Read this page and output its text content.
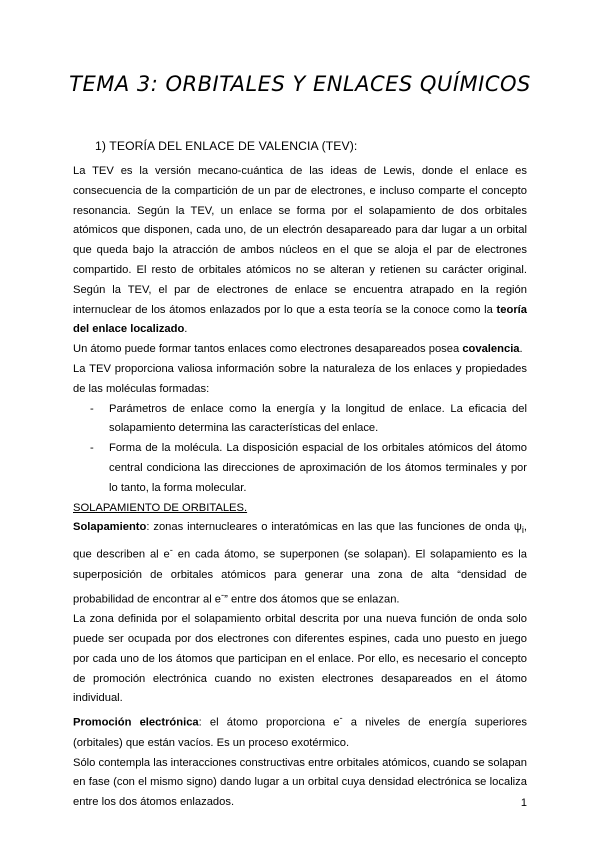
TEMA 3: ORBITALES Y ENLACES QUÍMICOS
1) TEORÍA DEL ENLACE DE VALENCIA (TEV):

La TEV es la versión mecano-cuántica de las ideas de Lewis, donde el enlace es consecuencia de la compartición de un par de electrones, e incluso comparte el concepto resonancia. Según la TEV, un enlace se forma por el solapamiento de dos orbitales atómicos que disponen, cada uno, de un electrón desapareado para dar lugar a un orbital que queda bajo la atracción de ambos núcleos en el que se aloja el par de electrones compartido. El resto de orbitales atómicos no se alteran y retienen su carácter original. Según la TEV, el par de electrones de enlace se encuentra atrapado en la región internuclear de los átomos enlazados por lo que a esta teoría se la conoce como la teoría del enlace localizado.

Un átomo puede formar tantos enlaces como electrones desapareados posea covalencia.

La TEV proporciona valiosa información sobre la naturaleza de los enlaces y propiedades de las moléculas formadas:

- Parámetros de enlace como la energía y la longitud de enlace. La eficacia del solapamiento determina las características del enlace.
- Forma de la molécula. La disposición espacial de los orbitales atómicos del átomo central condiciona las direcciones de aproximación de los átomos terminales y por lo tanto, la forma molecular.

SOLAPAMIENTO DE ORBITALES.

Solapamiento: zonas internucleares o interatómicas en las que las funciones de onda $\psi_i$, que describen al e- en cada átomo, se superponen (se solapan). El solapamiento es la superposición de orbitales atómicos para generar una zona de alta “densidad de probabilidad de encontrar al e-” entre dos átomos que se enlazan.

La zona definida por el solapamiento orbital descrita por una nueva función de onda solo puede ser ocupada por dos electrones con diferentes espines, cada uno puesto en juego por cada uno de los átomos que participan en el enlace. Por ello, es necesario el concepto de promoción electrónica cuando no existen electrones desapareados en el átomo individual.

Promoción electrónica: el átomo proporciona e- a niveles de energía superiores (orbitales) que están vacíos. Es un proceso exotérmico.

Sólo contempla las interacciones constructivas entre orbitales atómicos, cuando se solapan en fase (con el mismo signo) dando lugar a un orbital cuya densidad electrónica se localiza entre los dos átomos enlazados.	1
